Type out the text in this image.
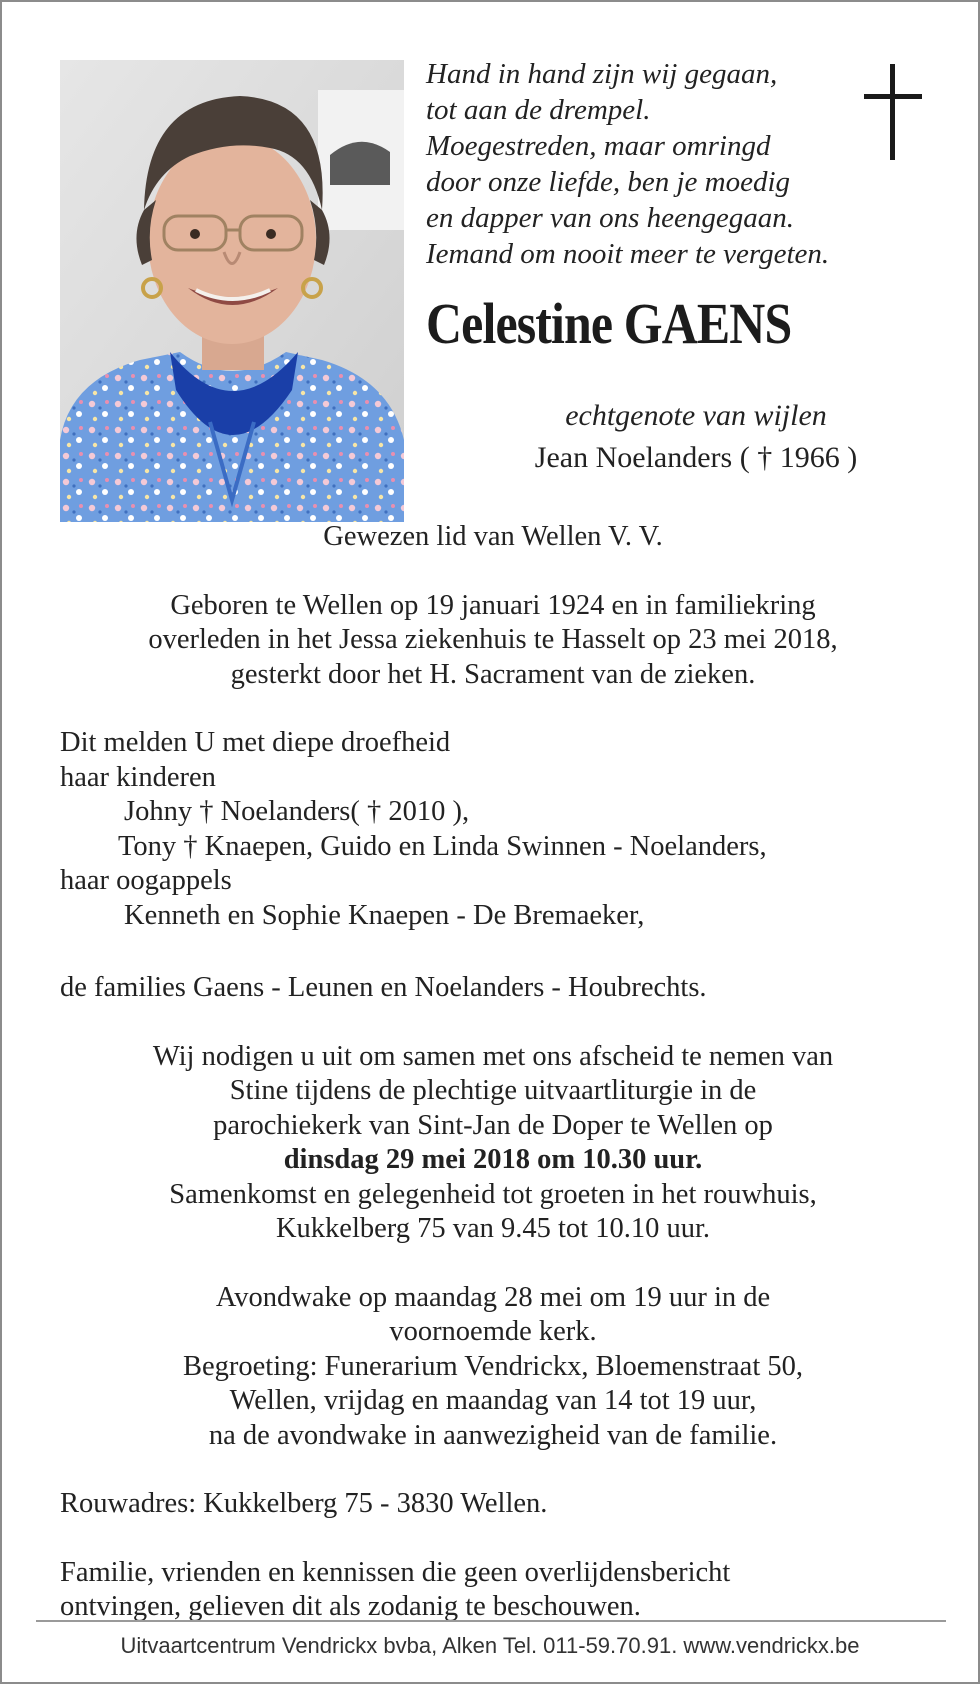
Hand in hand zijn wij gegaan,
tot aan de drempel.
Moegestreden, maar omringd
door onze liefde, ben je moedig
en dapper van ons heengegaan.
Iemand om nooit meer te vergeten.
Celestine GAENS
echtgenote van wijlen
Jean Noelanders ( † 1966 )
Gewezen lid van Wellen V. V.
Geboren te Wellen op 19 januari 1924 en in familiekring
overleden in het Jessa ziekenhuis te Hasselt op 23 mei 2018,
gesterkt door het H. Sacrament van de zieken.
Dit melden U met diepe droefheid
haar kinderen
Johny † Noelanders( † 2010 ),
Tony † Knaepen, Guido en Linda Swinnen - Noelanders,
haar oogappels
Kenneth en Sophie Knaepen - De Bremaeker,
de families Gaens - Leunen en Noelanders - Houbrechts.
Wij nodigen u uit om samen met ons afscheid te nemen van
Stine tijdens de plechtige uitvaartliturgie in de
parochiekerk van Sint-Jan de Doper te Wellen op
dinsdag 29 mei 2018 om 10.30 uur.
Samenkomst en gelegenheid tot groeten in het rouwhuis,
Kukkelberg 75 van 9.45 tot 10.10 uur.
Avondwake op maandag 28 mei om 19 uur in de
voornoemde kerk.
Begroeting: Funerarium Vendrickx, Bloemenstraat 50,
Wellen, vrijdag en maandag van 14 tot 19 uur,
na de avondwake in aanwezigheid van de familie.
Rouwadres: Kukkelberg 75 - 3830 Wellen.
Familie, vrienden en kennissen die geen overlijdensbericht
ontvingen, gelieven dit als zodanig te beschouwen.
Uitvaartcentrum Vendrickx bvba, Alken Tel. 011-59.70.91. www.vendrickx.be
